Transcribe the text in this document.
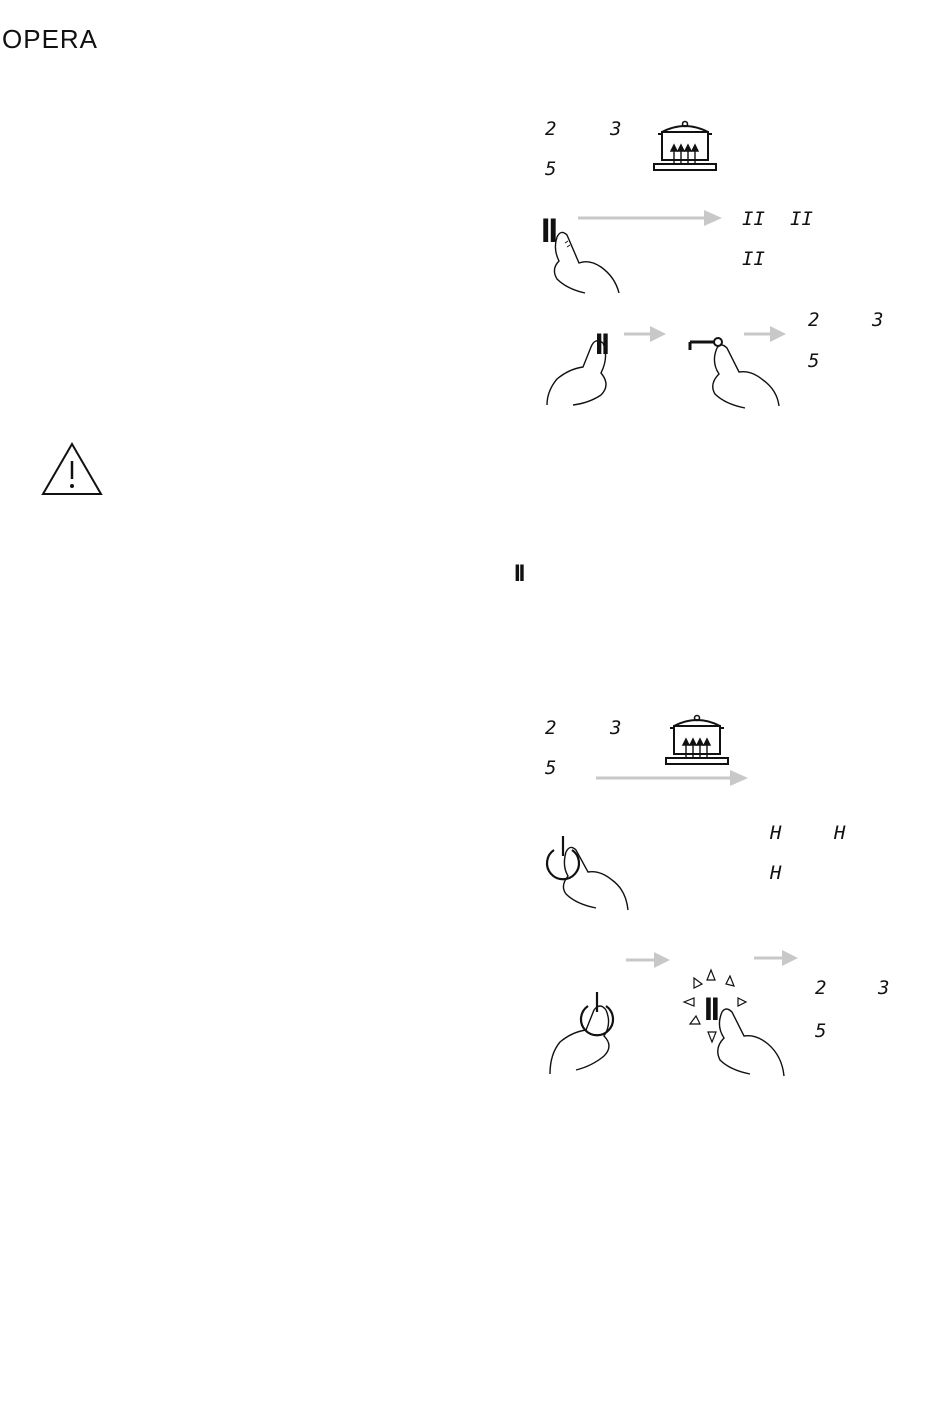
OPERA
2	3
5
II	II II
II
II
2	3
5
II
2	3
5
H	H
H
II
2	3
5
